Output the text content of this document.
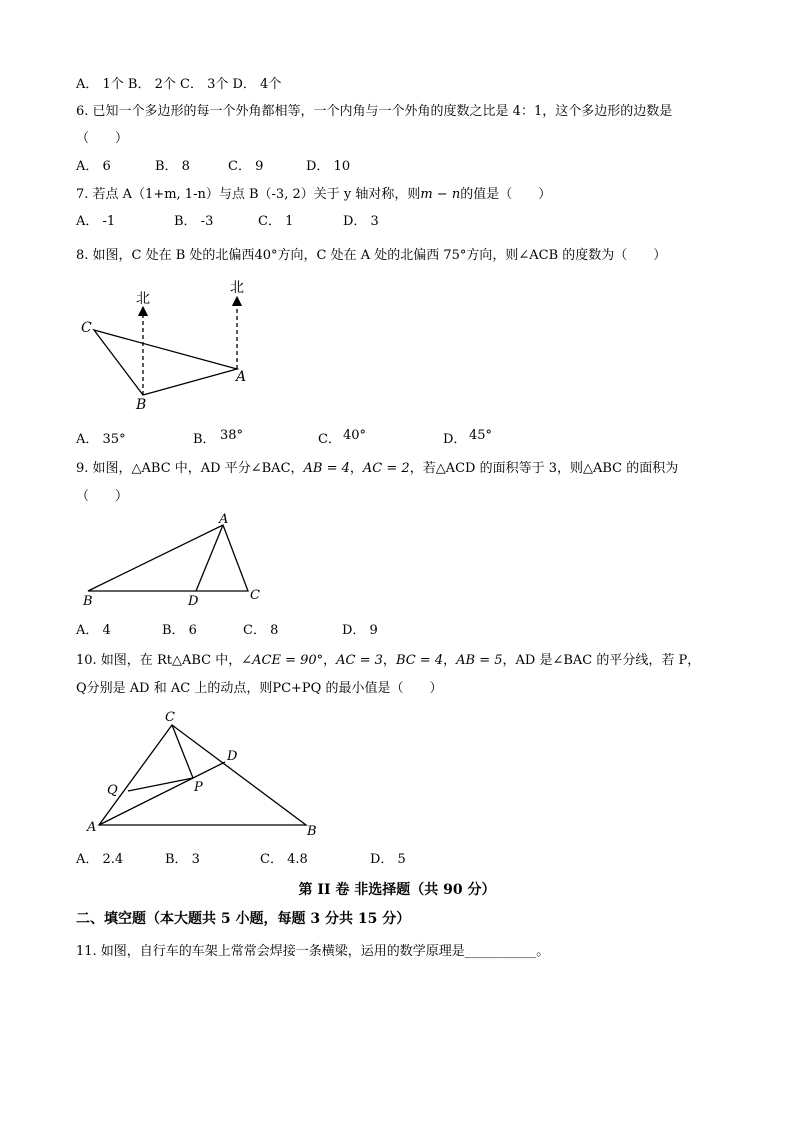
A． 1个 B． 2个 C． 3个 D． 4个
6. 已知一个多边形的每一个外角都相等，一个内角与一个外角的度数之比是 4：1，这个多边形的边数是
（　　）
A． 6	B． 8	C． 9	D． 10
7. 若点 A（1+m, 1-n）与点 B（-3, 2）关于 y 轴对称，则m − n的值是（　　）
A． -1	B． -3	C． 1	D． 3
8. 如图，C 处在 B 处的北偏西40°方向，C 处在 A 处的北偏西 75°方向，则∠ACB 的度数为（　　）
北
北
C
B
A
A． 35°	B． 38°	C． 40°	D． 45°
9. 如图，△ABC 中，AD 平分∠BAC，AB = 4，AC = 2，若△ACD 的面积等于 3，则△ABC 的面积为
（　　）
A
B	D	C
A． 4	B． 6	C． 8	D． 9
10. 如图，在 Rt△ABC 中，∠ACE = 90°，AC = 3，BC = 4，AB = 5，AD 是∠BAC 的平分线，若 P，
Q分别是 AD 和 AC 上的动点，则PC+PQ 的最小值是（　　）
C
D
Q	P
A	B
A． 2.4	B． 3	C． 4.8	D． 5
第 II 卷 非选择题（共 90 分）
二、填空题（本大题共 5 小题，每题 3 分共 15 分）
11. 如图，自行车的车架上常常会焊接一条横梁，运用的数学原理是___________。
